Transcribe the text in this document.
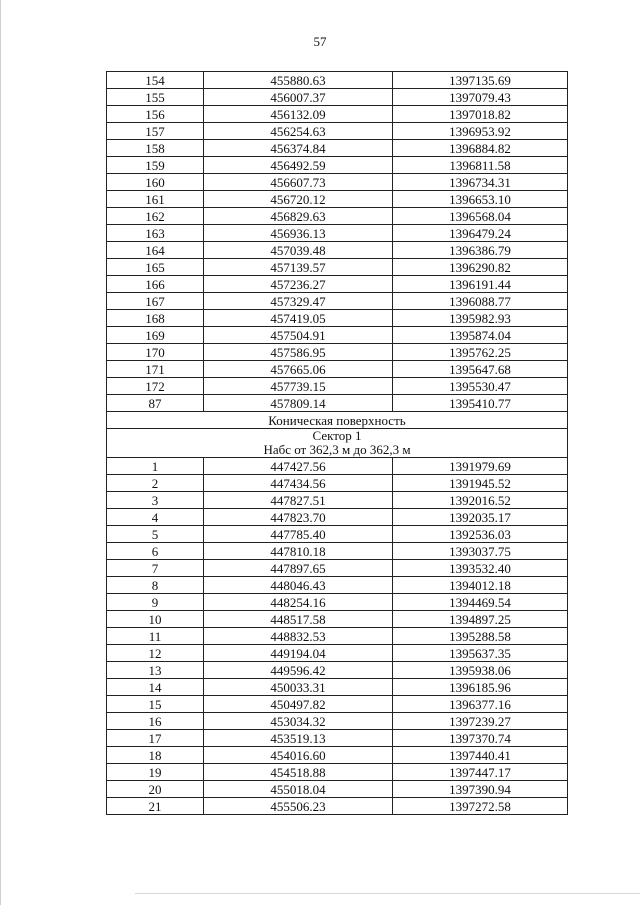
57
154	455880.63	1397135.69
155	456007.37	1397079.43
156	456132.09	1397018.82
157	456254.63	1396953.92
158	456374.84	1396884.82
159	456492.59	1396811.58
160	456607.73	1396734.31
161	456720.12	1396653.10
162	456829.63	1396568.04
163	456936.13	1396479.24
164	457039.48	1396386.79
165	457139.57	1396290.82
166	457236.27	1396191.44
167	457329.47	1396088.77
168	457419.05	1395982.93
169	457504.91	1395874.04
170	457586.95	1395762.25
171	457665.06	1395647.68
172	457739.15	1395530.47
87	457809.14	1395410.77
Коническая поверхность		

Сектор 1
Набс от 362,3 м до 362,3 м		

1	447427.56	1391979.69
2	447434.56	1391945.52
3	447827.51	1392016.52
4	447823.70	1392035.17
5	447785.40	1392536.03
6	447810.18	1393037.75
7	447897.65	1393532.40
8	448046.43	1394012.18
9	448254.16	1394469.54
10	448517.58	1394897.25
11	448832.53	1395288.58
12	449194.04	1395637.35
13	449596.42	1395938.06
14	450033.31	1396185.96
15	450497.82	1396377.16
16	453034.32	1397239.27
17	453519.13	1397370.74
18	454016.60	1397440.41
19	454518.88	1397447.17
20	455018.04	1397390.94
21	455506.23	1397272.58
